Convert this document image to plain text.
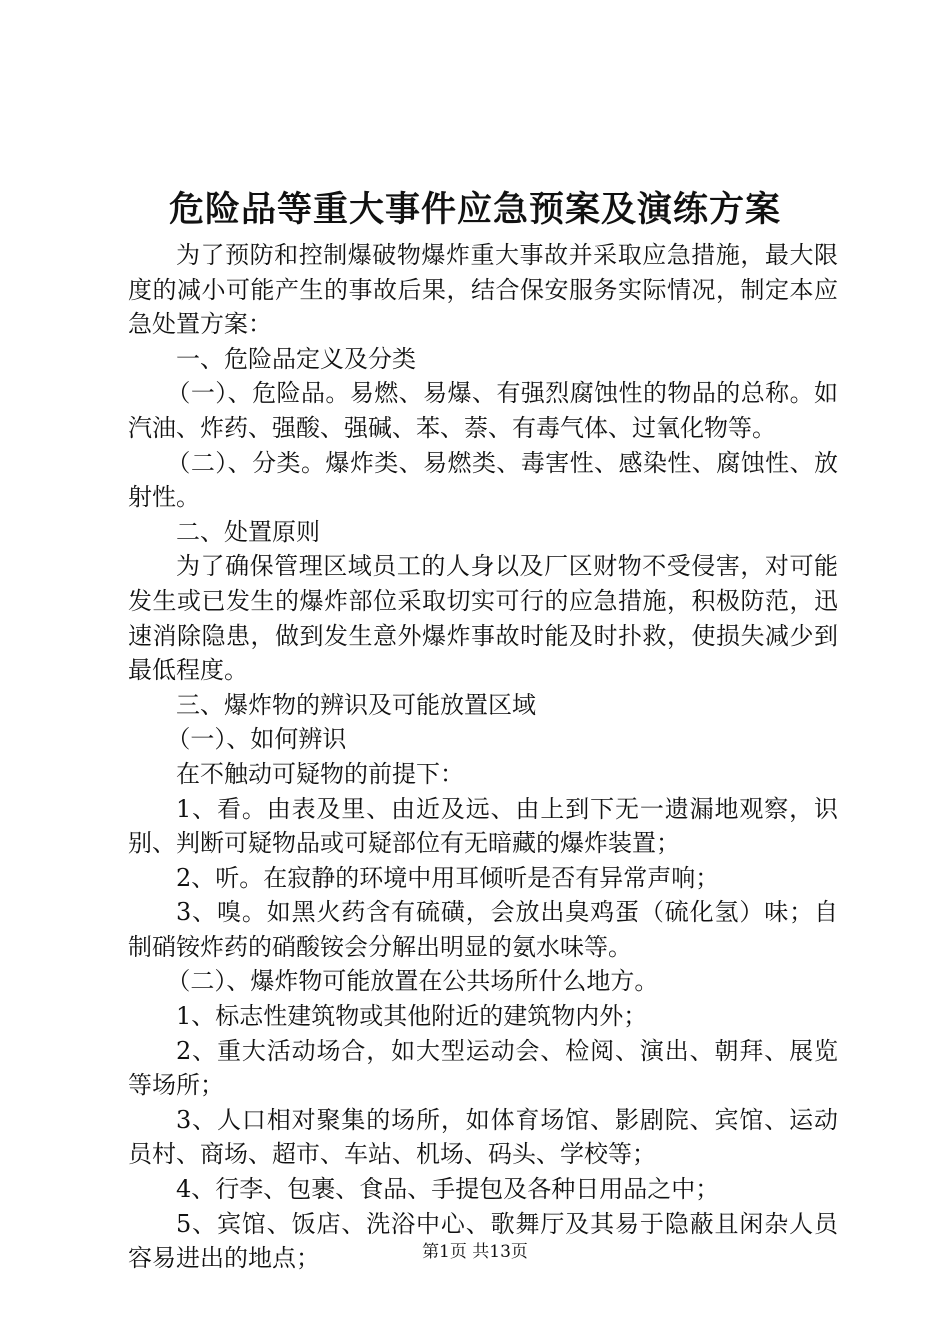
危险品等重大事件应急预案及演练方案

为了预防和控制爆破物爆炸重大事故并采取应急措施，最大限度的减小可能产生的事故后果，结合保安服务实际情况，制定本应急处置方案：

一、危险品定义及分类

（一）、危险品。易燃、易爆、有强烈腐蚀性的物品的总称。如汽油、炸药、强酸、强碱、苯、萘、有毒气体、过氧化物等。

（二）、分类。爆炸类、易燃类、毒害性、感染性、腐蚀性、放射性。

二、处置原则

为了确保管理区域员工的人身以及厂区财物不受侵害，对可能发生或已发生的爆炸部位采取切实可行的应急措施，积极防范，迅速消除隐患，做到发生意外爆炸事故时能及时扑救，使损失减少到最低程度。

三、爆炸物的辨识及可能放置区域

（一）、如何辨识

在不触动可疑物的前提下：

1、看。由表及里、由近及远、由上到下无一遗漏地观察，识别、判断可疑物品或可疑部位有无暗藏的爆炸装置；

2、听。在寂静的环境中用耳倾听是否有异常声响；

3、嗅。如黑火药含有硫磺，会放出臭鸡蛋（硫化氢）味；自制硝铵炸药的硝酸铵会分解出明显的氨水味等。

（二）、爆炸物可能放置在公共场所什么地方。

1、标志性建筑物或其他附近的建筑物内外；

2、重大活动场合，如大型运动会、检阅、演出、朝拜、展览等场所；

3、人口相对聚集的场所，如体育场馆、影剧院、宾馆、运动员村、商场、超市、车站、机场、码头、学校等；

4、行李、包裹、食品、手提包及各种日用品之中；

5、宾馆、饭店、洗浴中心、歌舞厅及其易于隐蔽且闲杂人员容易进出的地点；	第1页 共13页
